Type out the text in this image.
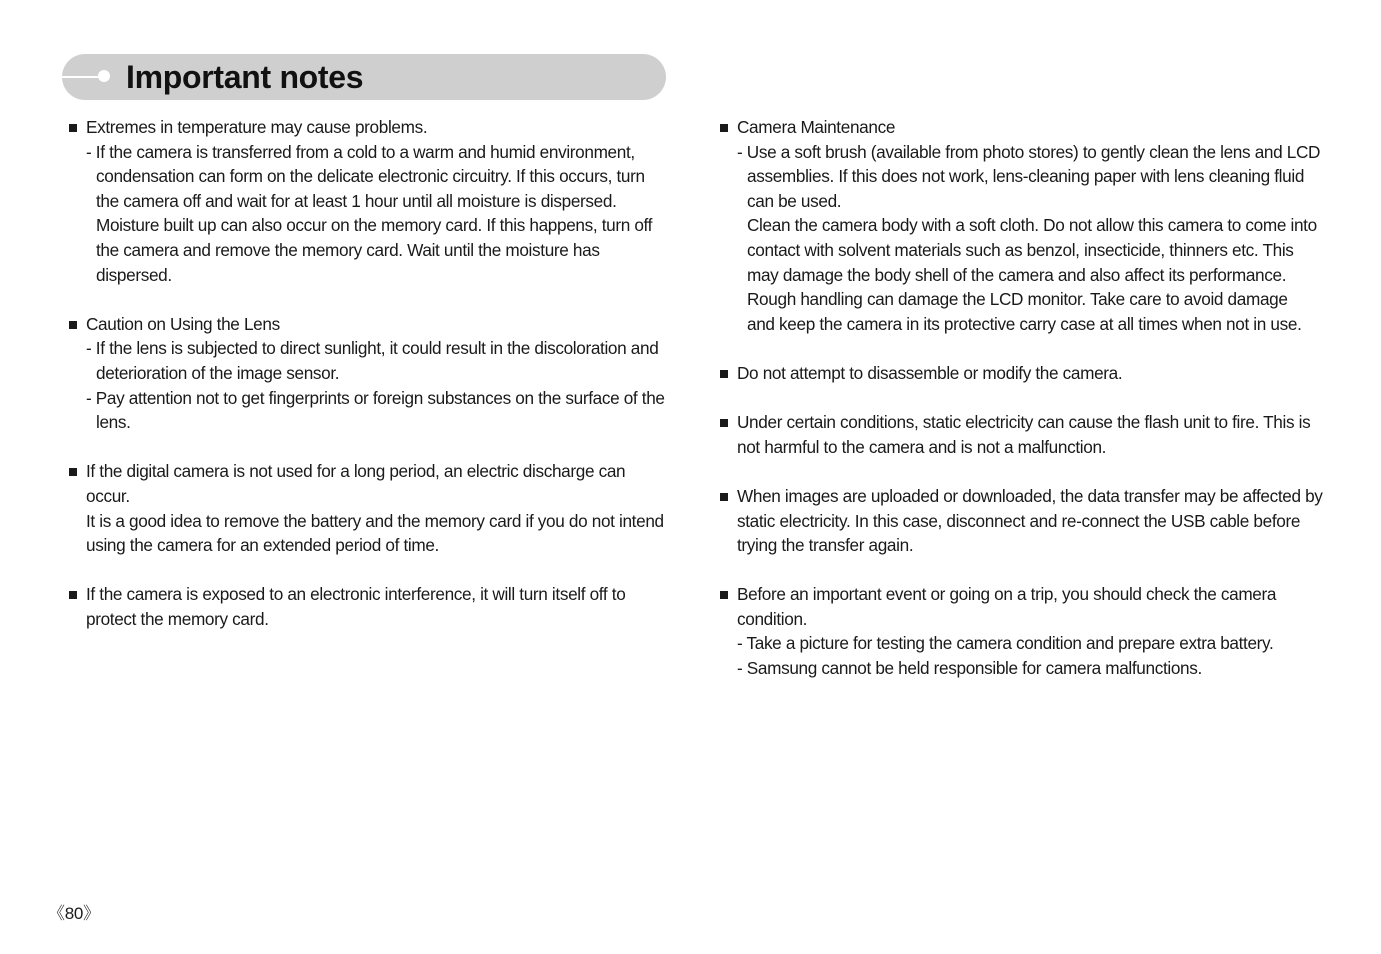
Important notes
Extremes in temperature may cause problems.
- If the camera is transferred from a cold to a warm and humid environment,
condensation can form on the delicate electronic circuitry. If this occurs, turn
the camera off and wait for at least 1 hour until all moisture is dispersed.
Moisture built up can also occur on the memory card. If this happens, turn off
the camera and remove the memory card. Wait until the moisture has
dispersed.
Caution on Using the Lens
- If the lens is subjected to direct sunlight, it could result in the discoloration and
deterioration of the image sensor.
- Pay attention not to get fingerprints or foreign substances on the surface of the
lens.
If the digital camera is not used for a long period, an electric discharge can
occur.
It is a good idea to remove the battery and the memory card if you do not intend
using the camera for an extended period of time.
If the camera is exposed to an electronic interference, it will turn itself off to
protect the memory card.
Camera Maintenance
- Use a soft brush (available from photo stores) to gently clean the lens and LCD
assemblies. If this does not work, lens-cleaning paper with lens cleaning fluid
can be used.
Clean the camera body with a soft cloth. Do not allow this camera to come into
contact with solvent materials such as benzol, insecticide, thinners etc. This
may damage the body shell of the camera and also affect its performance.
Rough handling can damage the LCD monitor. Take care to avoid damage
and keep the camera in its protective carry case at all times when not in use.
Do not attempt to disassemble or modify the camera.
Under certain conditions, static electricity can cause the flash unit to fire. This is
not harmful to the camera and is not a malfunction.
When images are uploaded or downloaded, the data transfer may be affected by
static electricity. In this case, disconnect and re-connect the USB cable before
trying the transfer again.
Before an important event or going on a trip, you should check the camera
condition.
- Take a picture for testing the camera condition and prepare extra battery.
- Samsung cannot be held responsible for camera malfunctions.
《80》
